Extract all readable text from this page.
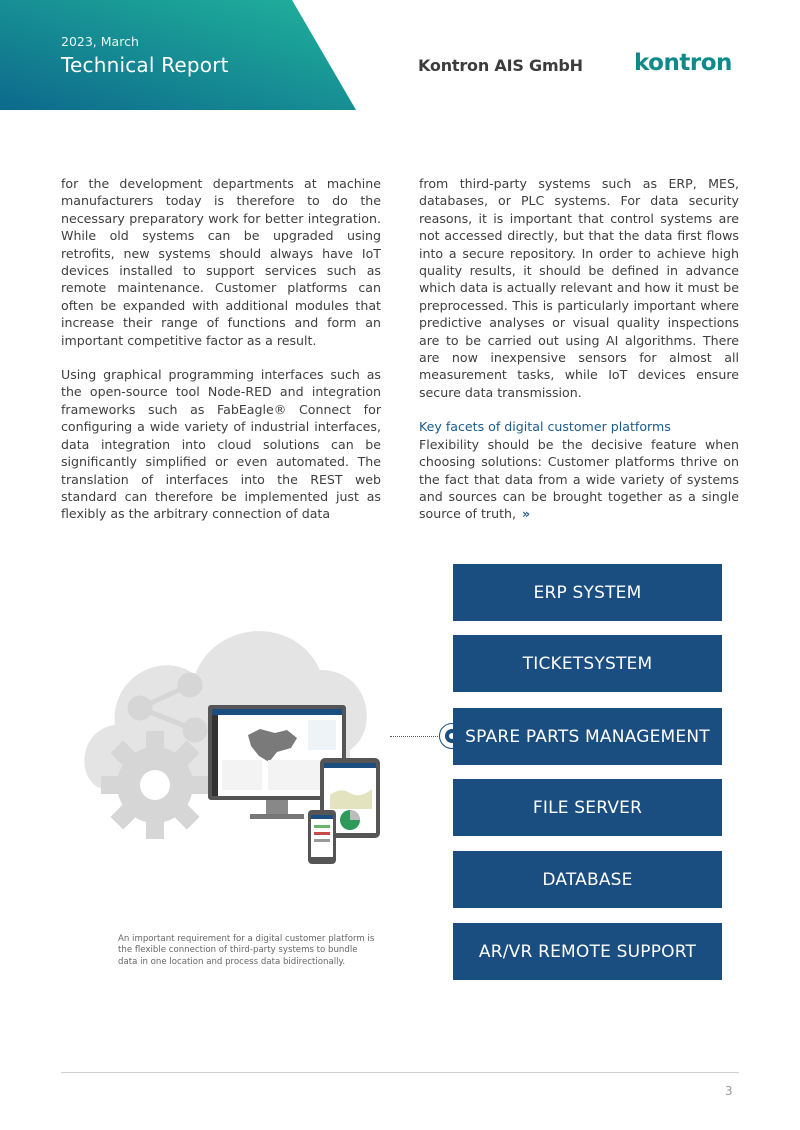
2023, March
Technical Report	Kontron AIS GmbH kontron

for the development departments at machine manufacturers today is therefore to do the necessary preparatory work for better integration. While old systems can be upgraded using retrofits, new systems should always have IoT devices installed to support services such as remote maintenance. Customer platforms can often be expanded with additional modules that increase their range of functions and form an important competitive factor as a result.

Using graphical programming interfaces such as the open-source tool Node-RED and integration frameworks such as FabEagle® Connect for configuring a wide variety of industrial interfaces, data integration into cloud solutions can be significantly simplified or even automated. The translation of interfaces into the REST web standard can therefore be implemented just as flexibly as the arbitrary connection of data

from third-party systems such as ERP, MES, databases, or PLC systems. For data security reasons, it is important that control systems are not accessed directly, but that the data first flows into a secure repository. In order to achieve high quality results, it should be defined in advance which data is actually relevant and how it must be preprocessed. This is particularly important where predictive analyses or visual quality inspections are to be carried out using AI algorithms. There are now inexpensive sensors for almost all measurement tasks, while IoT devices ensure secure data transmission.

Key facets of digital customer platforms

Flexibility should be the decisive feature when choosing solutions: Customer platforms thrive on the fact that data from a wide variety of systems and sources can be brought together as a single source of truth, »

ERP SYSTEM
TICKETSYSTEM
SPARE PARTS MANAGEMENT
FILE SERVER
DATABASE
AR/VR REMOTE SUPPORT
An important requirement for a digital customer platform is the flexible connection of third-party systems to bundle data in one location and process data bidirectionally.
3
